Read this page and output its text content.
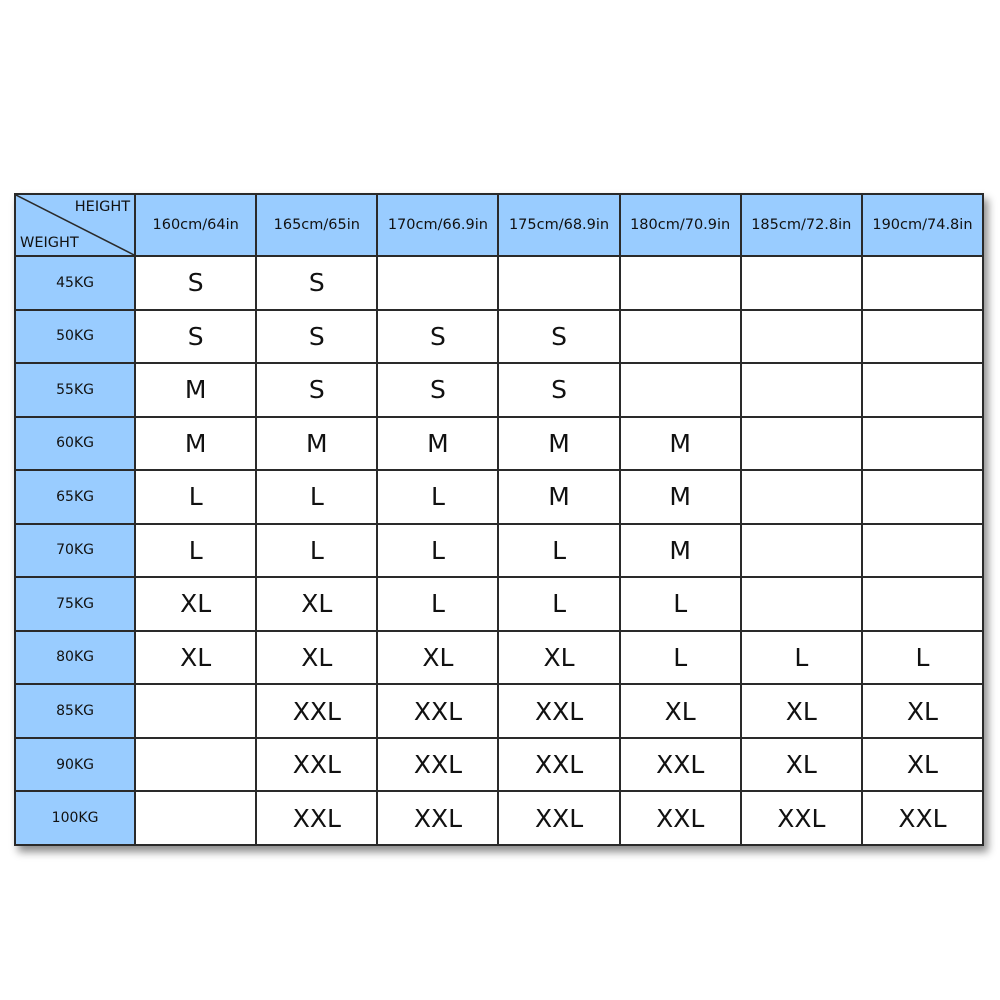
HEIGHT
WEIGHT	160cm/64in	165cm/65in	170cm/66.9in	175cm/68.9in	180cm/70.9in	185cm/72.8in	190cm/74.8in
45KG	S	S					
50KG	S	S	S	S			
55KG	M	S	S	S			
60KG	M	M	M	M	M		
65KG	L	L	L	M	M		
70KG	L	L	L	L	M		
75KG	XL	XL	L	L	L		
80KG	XL	XL	XL	XL	L	L	L
85KG		XXL	XXL	XXL	XL	XL	XL
90KG		XXL	XXL	XXL	XXL	XL	XL
100KG		XXL	XXL	XXL	XXL	XXL	XXL
